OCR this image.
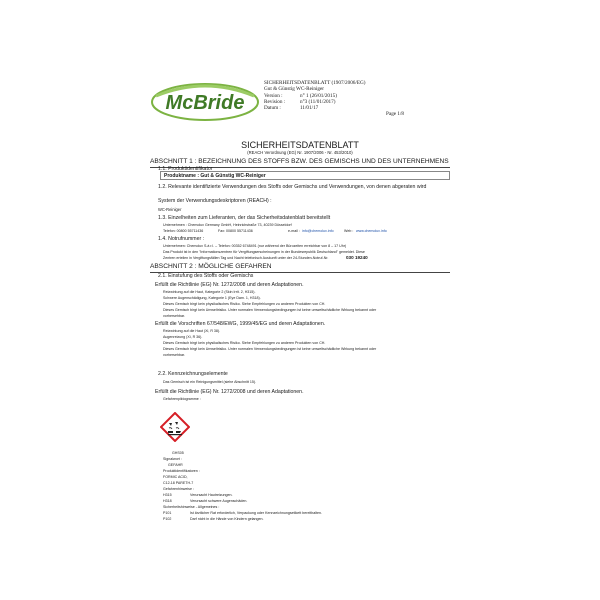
McBride
SICHERHEITSDATENBLATT (1907/2006/EG)
Gut & Günstig WC-Reiniger
Version :	n° 1 (26/01/2015)
Revision :	n°3 (11/01/2017)
Datum :	11/01/17
Page 1/8
SICHERHEITSDATENBLATT
(REACH Verordnung (EG) Nr. 1907/2006 - Nr. 453/2010)
ABSCHNITT 1 : BEZEICHNUNG DES STOFFS BZW. DES GEMISCHS UND DES UNTERNEHMENS
1.1. Produktidentifikator
Produktname : Gut & Günstig WC-Reiniger
1.2. Relevante identifizierte Verwendungen des Stoffs oder Gemischs und Verwendungen, von denen abgeraten wird
System der Verwendungsdeskriptoren (REACH) :
WC-Reiniger
1.3. Einzelheiten zum Lieferanten, der das Sicherheitsdatenblatt bereitstellt
Unternehmen : Chemolux Germany GmbH, Heinrichstraße 73, 40239 Düsseldorf
Telefon: 00800 55711436	Fax: 00800 55711436	e-mail : info@chemolux.info	Web : www.chemolux.info
1.4. Notrufnummer :
Unternehmen: Chemolux S.à r.l. – Telefon: 00352 6748491 (nur während der Bürozeiten erreichbar von 8 – 17 Uhr)
Das Produkt ist in den "Informationszentren für Vergiftungserscheinungen in der Bundesrepublik Deutschland" gemeldet. Diese
Zentren erteilen in Vergiftungsfällen Tag und Nacht telefonisch Auskunft unter der 24-Stunden-Notruf-Nr.	030 19240
ABSCHNITT 2 : MÖGLICHE GEFAHREN
2.1. Einstufung des Stoffs oder Gemischs
Erfüllt die Richtlinie (EG) Nr. 1272/2008 und deren Adaptationen.
Reizwirkung auf die Haut, Kategorie 2 (Skin Irrit. 2, H315).
Schwere Augenschädigung, Kategorie 1 (Eye Dam. 1, H318).
Dieses Gemisch birgt kein physikalisches Risiko. Siehe Empfehlungen zu anderen Produkten von CH.
Dieses Gemisch birgt kein Umweltrisiko. Unter normalen Verwendungsbedingungen ist keine umweltschädliche Wirkung bekannt oder
vorhersehbar.
Erfüllt die Vorschriften 67/548/EWG, 1999/45/EG und deren Adaptationen.
Reizwirkung auf die Haut (Xi, R 38).
Augenreizung (Xi, R 36).
Dieses Gemisch birgt kein physikalisches Risiko. Siehe Empfehlungen zu anderen Produkten von CH.
Dieses Gemisch birgt kein Umweltrisiko. Unter normalen Verwendungsbedingungen ist keine umweltschädliche Wirkung bekannt oder
vorhersehbar.
2.2. Kennzeichnungselemente
Das Gemisch ist ein Reinigungsmittel (siehe Abschnitt 15).
Erfüllt die Richtlinie (EG) Nr. 1272/2008 und deren Adaptationen.
Gefahrenpiktogramme :
GHS05
Signalwort :
GEFAHR
Produktidentifikatoren :
FORMIC ACID,
C12-18 PARETH-7
Gefahrenhinweise :
H315	Verursacht Hautreizungen.
H318	Verursacht schwere Augenschäden.
Sicherheitshinweise - Allgemeines :
P101	Ist ärztlicher Rat erforderlich, Verpackung oder Kennzeichnungsetikett bereithalten.
P102	Darf nicht in die Hände von Kindern gelangen.
